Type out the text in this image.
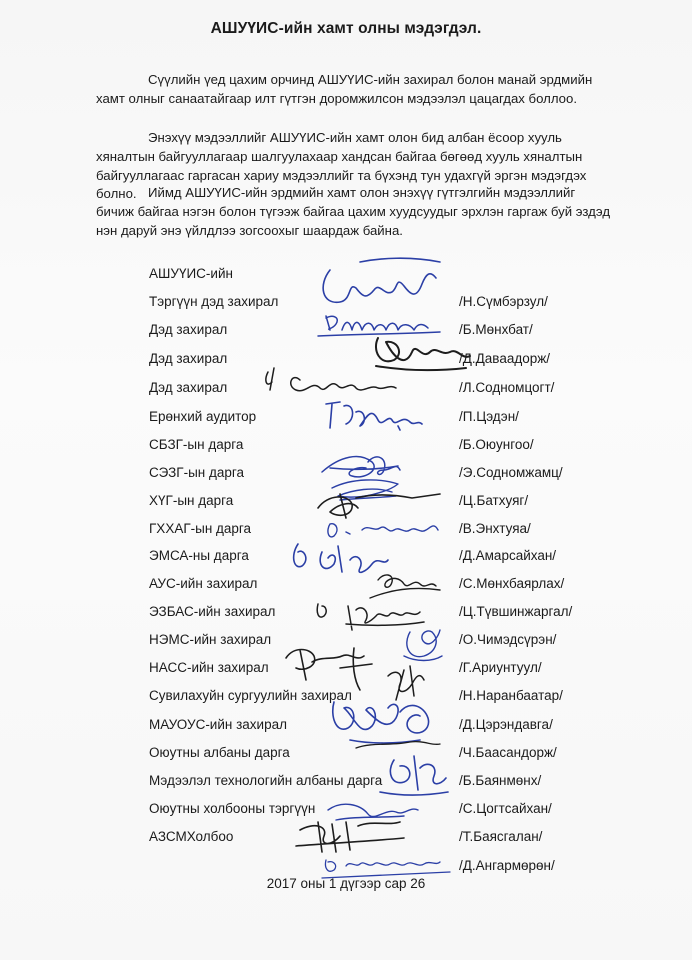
АШУҮИС-ийн хамт олны мэдэгдэл.

Сүүлийн үед цахим орчинд АШУҮИС-ийн захирал болон манай эрдмийн хамт олныг санаатайгаар илт гүтгэн доромжилсон мэдээлэл цацагдах боллоо.

Энэхүү мэдээллийг АШУҮИС-ийн хамт олон бид албан ёсоор хууль хяналтын байгууллагаар шалгуулахаар хандсан байгаа бөгөөд хууль хяналтын байгууллагаас гаргасан хариу мэдээллийг та бүхэнд тун удахгүй эргэн мэдэгдэх болно. Иймд АШУҮИС-ийн эрдмийн хамт олон энэхүү гүтгэлгийн мэдээллийг бичиж байгаа нэгэн болон түгээж байгаа цахим хуудсуудыг эрхлэн гаргаж буй эздэд нэн даруй энэ үйлдлээ зогсоохыг шаардаж байна.

АШУҮИС-ийн
Тэргүүн дэд захирал	/Н.Сүмбэрзул/
Дэд захирал	/Б.Мөнхбат/
Дэд захирал	/Д.Даваадорж/
Дэд захирал	/Л.Содномцогт/
Ерөнхий аудитор	/П.Цэдэн/
СБЗГ-ын дарга	/Б.Оюунгоо/
СЭЗГ-ын дарга	/Э.Содномжамц/
ХҮГ-ын дарга	/Ц.Батхуяг/
ГХХАГ-ын дарга	/В.Энхтуяа/
ЭМСА-ны дарга	/Д.Амарсайхан/
АУС-ийн захирал	/С.Мөнхбаярлах/
ЭЗБАС-ийн захирал	/Ц.Түвшинжаргал/
НЭМС-ийн захирал	/О.Чимэдсүрэн/
НАСС-ийн захирал	/Г.Ариунтуул/
Сувилахуйн сургуулийн захирал	/Н.Наранбаатар/
МАУОУС-ийн захирал	/Д.Цэрэндавга/
Оюутны албаны дарга	/Ч.Баасандорж/
Мэдээлэл технологийн албаны дарга	/Б.Баянмөнх/
Оюутны холбооны тэргүүн	/С.Цогтсайхан/
АЗСМХолбоо	/Т.Баясгалан/
/Д.Ангармөрөн/
2017 оны 1 дүгээр сар 26
